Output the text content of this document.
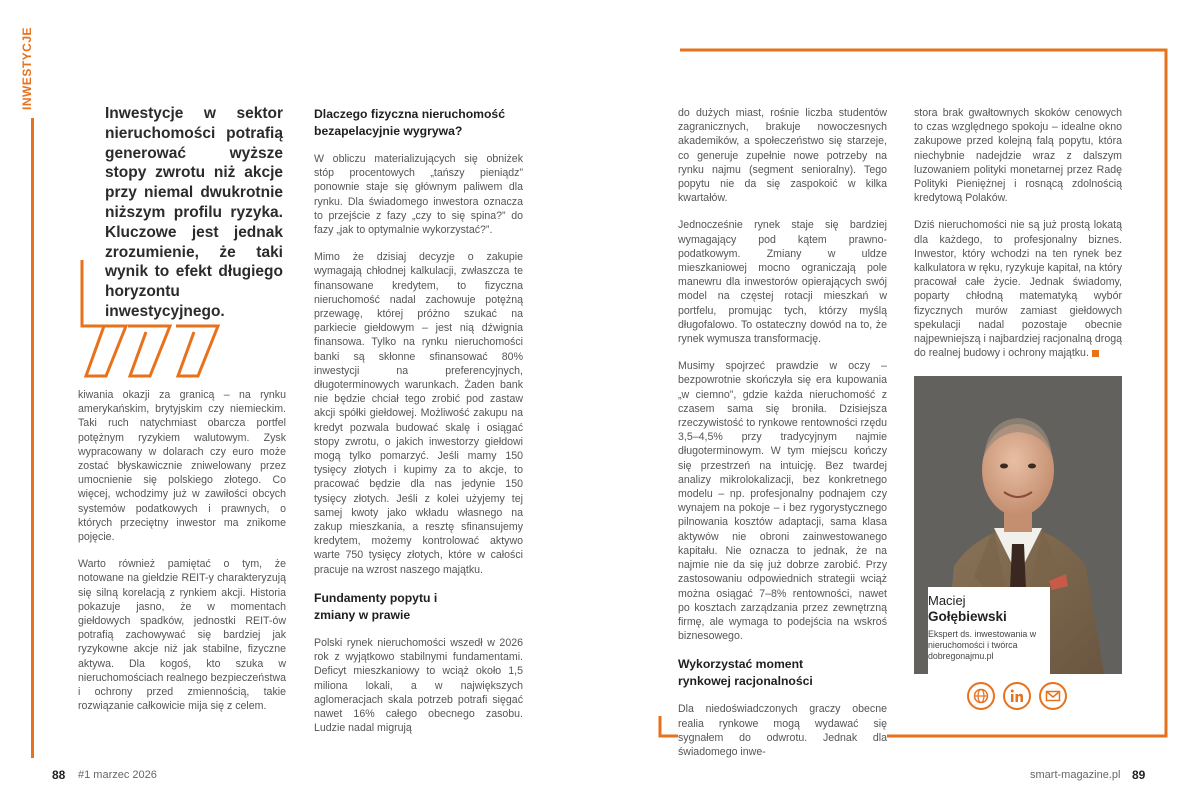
INWESTYCJE
Inwestycje w sektor nieruchomości potrafią generować wyższe stopy zwrotu niż akcje przy niemal dwukrotnie niższym profilu ryzyka. Kluczowe jest jednak zrozumienie, że taki wynik to efekt długiego horyzontu inwestycyjnego.

kiwania okazji za granicą – na rynku amerykańskim, brytyjskim czy niemieckim. Taki ruch natychmiast obarcza portfel potężnym ryzykiem walutowym. Zysk wypracowany w dolarach czy euro może zostać błyskawicznie zniwelowany przez umocnienie się polskiego złotego. Co więcej, wchodzimy już w zawiłości obcych systemów podatkowych i prawnych, o których przeciętny inwestor ma znikome pojęcie.

Warto również pamiętać o tym, że notowane na giełdzie REIT-y charakteryzują się silną korelacją z rynkiem akcji. Historia pokazuje jasno, że w momentach giełdowych spadków, jednostki REIT-ów potrafią zachowywać się bardziej jak ryzykowne akcje niż jak stabilne, fizyczne aktywa. Dla kogoś, kto szuka w nieruchomościach realnego bezpieczeństwa i ochrony przed zmiennością, takie rozwiązanie całkowicie mija się z celem.

Dlaczego fizyczna nieruchomość bezapelacyjnie wygrywa?

W obliczu materializujących się obniżek stóp procentowych „tańszy pieniądz” ponownie staje się głównym paliwem dla rynku. Dla świadomego inwestora oznacza to przejście z fazy „czy to się spina?” do fazy „jak to optymalnie wykorzystać?”.

Mimo że dzisiaj decyzje o zakupie wymagają chłodnej kalkulacji, zwłaszcza te finansowane kredytem, to fizyczna nieruchomość nadal zachowuje potężną przewagę, której próżno szukać na parkiecie giełdowym – jest nią dźwignia finansowa. Tylko na rynku nieruchomości banki są skłonne sfinansować 80% inwestycji na preferencyjnych, długoterminowych warunkach. Żaden bank nie będzie chciał tego zrobić pod zastaw akcji spółki giełdowej. Możliwość zakupu na kredyt pozwala budować skalę i osiągać stopy zwrotu, o jakich inwestorzy giełdowi mogą tylko pomarzyć. Jeśli mamy 150 tysięcy złotych i kupimy za to akcje, to pracować będzie dla nas jedynie 150 tysięcy złotych. Jeśli z kolei użyjemy tej samej kwoty jako wkładu własnego na zakup mieszkania, a resztę sfinansujemy kredytem, możemy kontrolować aktywo warte 750 tysięcy złotych, które w całości pracuje na wzrost naszego majątku.

Fundamenty popytu i zmiany w prawie

Polski rynek nieruchomości wszedł w 2026 rok z wyjątkowo stabilnymi fundamentami. Deficyt mieszkaniowy to wciąż około 1,5 miliona lokali, a w największych aglomeracjach skala potrzeb potrafi sięgać nawet 16% całego obecnego zasobu. Ludzie nadal migrują

do dużych miast, rośnie liczba studentów zagranicznych, brakuje nowoczesnych akademików, a społeczeństwo się starzeje, co generuje zupełnie nowe potrzeby na rynku najmu (segment senioralny). Tego popytu nie da się zaspokoić w kilka kwartałów.

Jednocześnie rynek staje się bardziej wymagający pod kątem prawno-podatkowym. Zmiany w uldze mieszkaniowej mocno ograniczają pole manewru dla inwestorów opierających swój model na częstej rotacji mieszkań w portfelu, promując tych, którzy myślą długofalowo. To ostateczny dowód na to, że rynek wymusza transformację.

Musimy spojrzeć prawdzie w oczy – bezpowrotnie skończyła się era kupowania „w ciemno”, gdzie każda nieruchomość z czasem sama się broniła. Dzisiejsza rzeczywistość to rynkowe rentowności rzędu 3,5–4,5% przy tradycyjnym najmie długoterminowym. W tym miejscu kończy się przestrzeń na intuicję. Bez twardej analizy mikrolokalizacji, bez konkretnego modelu – np. profesjonalny podnajem czy wynajem na pokoje – i bez rygorystycznego pilnowania kosztów adaptacji, sama klasa aktywów nie obroni zainwestowanego kapitału. Nie oznacza to jednak, że na najmie nie da się już dobrze zarobić. Przy zastosowaniu odpowiednich strategii wciąż można osiągać 7–8% rentowności, nawet po kosztach zarządzania przez zewnętrzną firmę, ale wymaga to podejścia na wskroś biznesowego.

Wykorzystać moment rynkowej racjonalności

Dla niedoświadczonych graczy obecne realia rynkowe mogą wydawać się sygnałem do odwrotu. Jednak dla świadomego inwe-

stora brak gwałtownych skoków cenowych to czas względnego spokoju – idealne okno zakupowe przed kolejną falą popytu, która niechybnie nadejdzie wraz z dalszym luzowaniem polityki monetarnej przez Radę Polityki Pieniężnej i rosnącą zdolnością kredytową Polaków.

Dziś nieruchomości nie są już prostą lokatą dla każdego, to profesjonalny biznes. Inwestor, który wchodzi na ten rynek bez kalkulatora w ręku, ryzykuje kapitał, na który pracował całe życie. Jednak świadomy, poparty chłodną matematyką wybór fizycznych murów zamiast giełdowych spekulacji nadal pozostaje obecnie najpewniejszą i najbardziej racjonalną drogą do realnej budowy i ochrony majątku.

Maciej
Gołębiewski
Ekspert ds. inwestowania w nieruchomości i twórca dobregonajmu.pl
88 #1 marzec 2026	smart-magazine.pl 89
